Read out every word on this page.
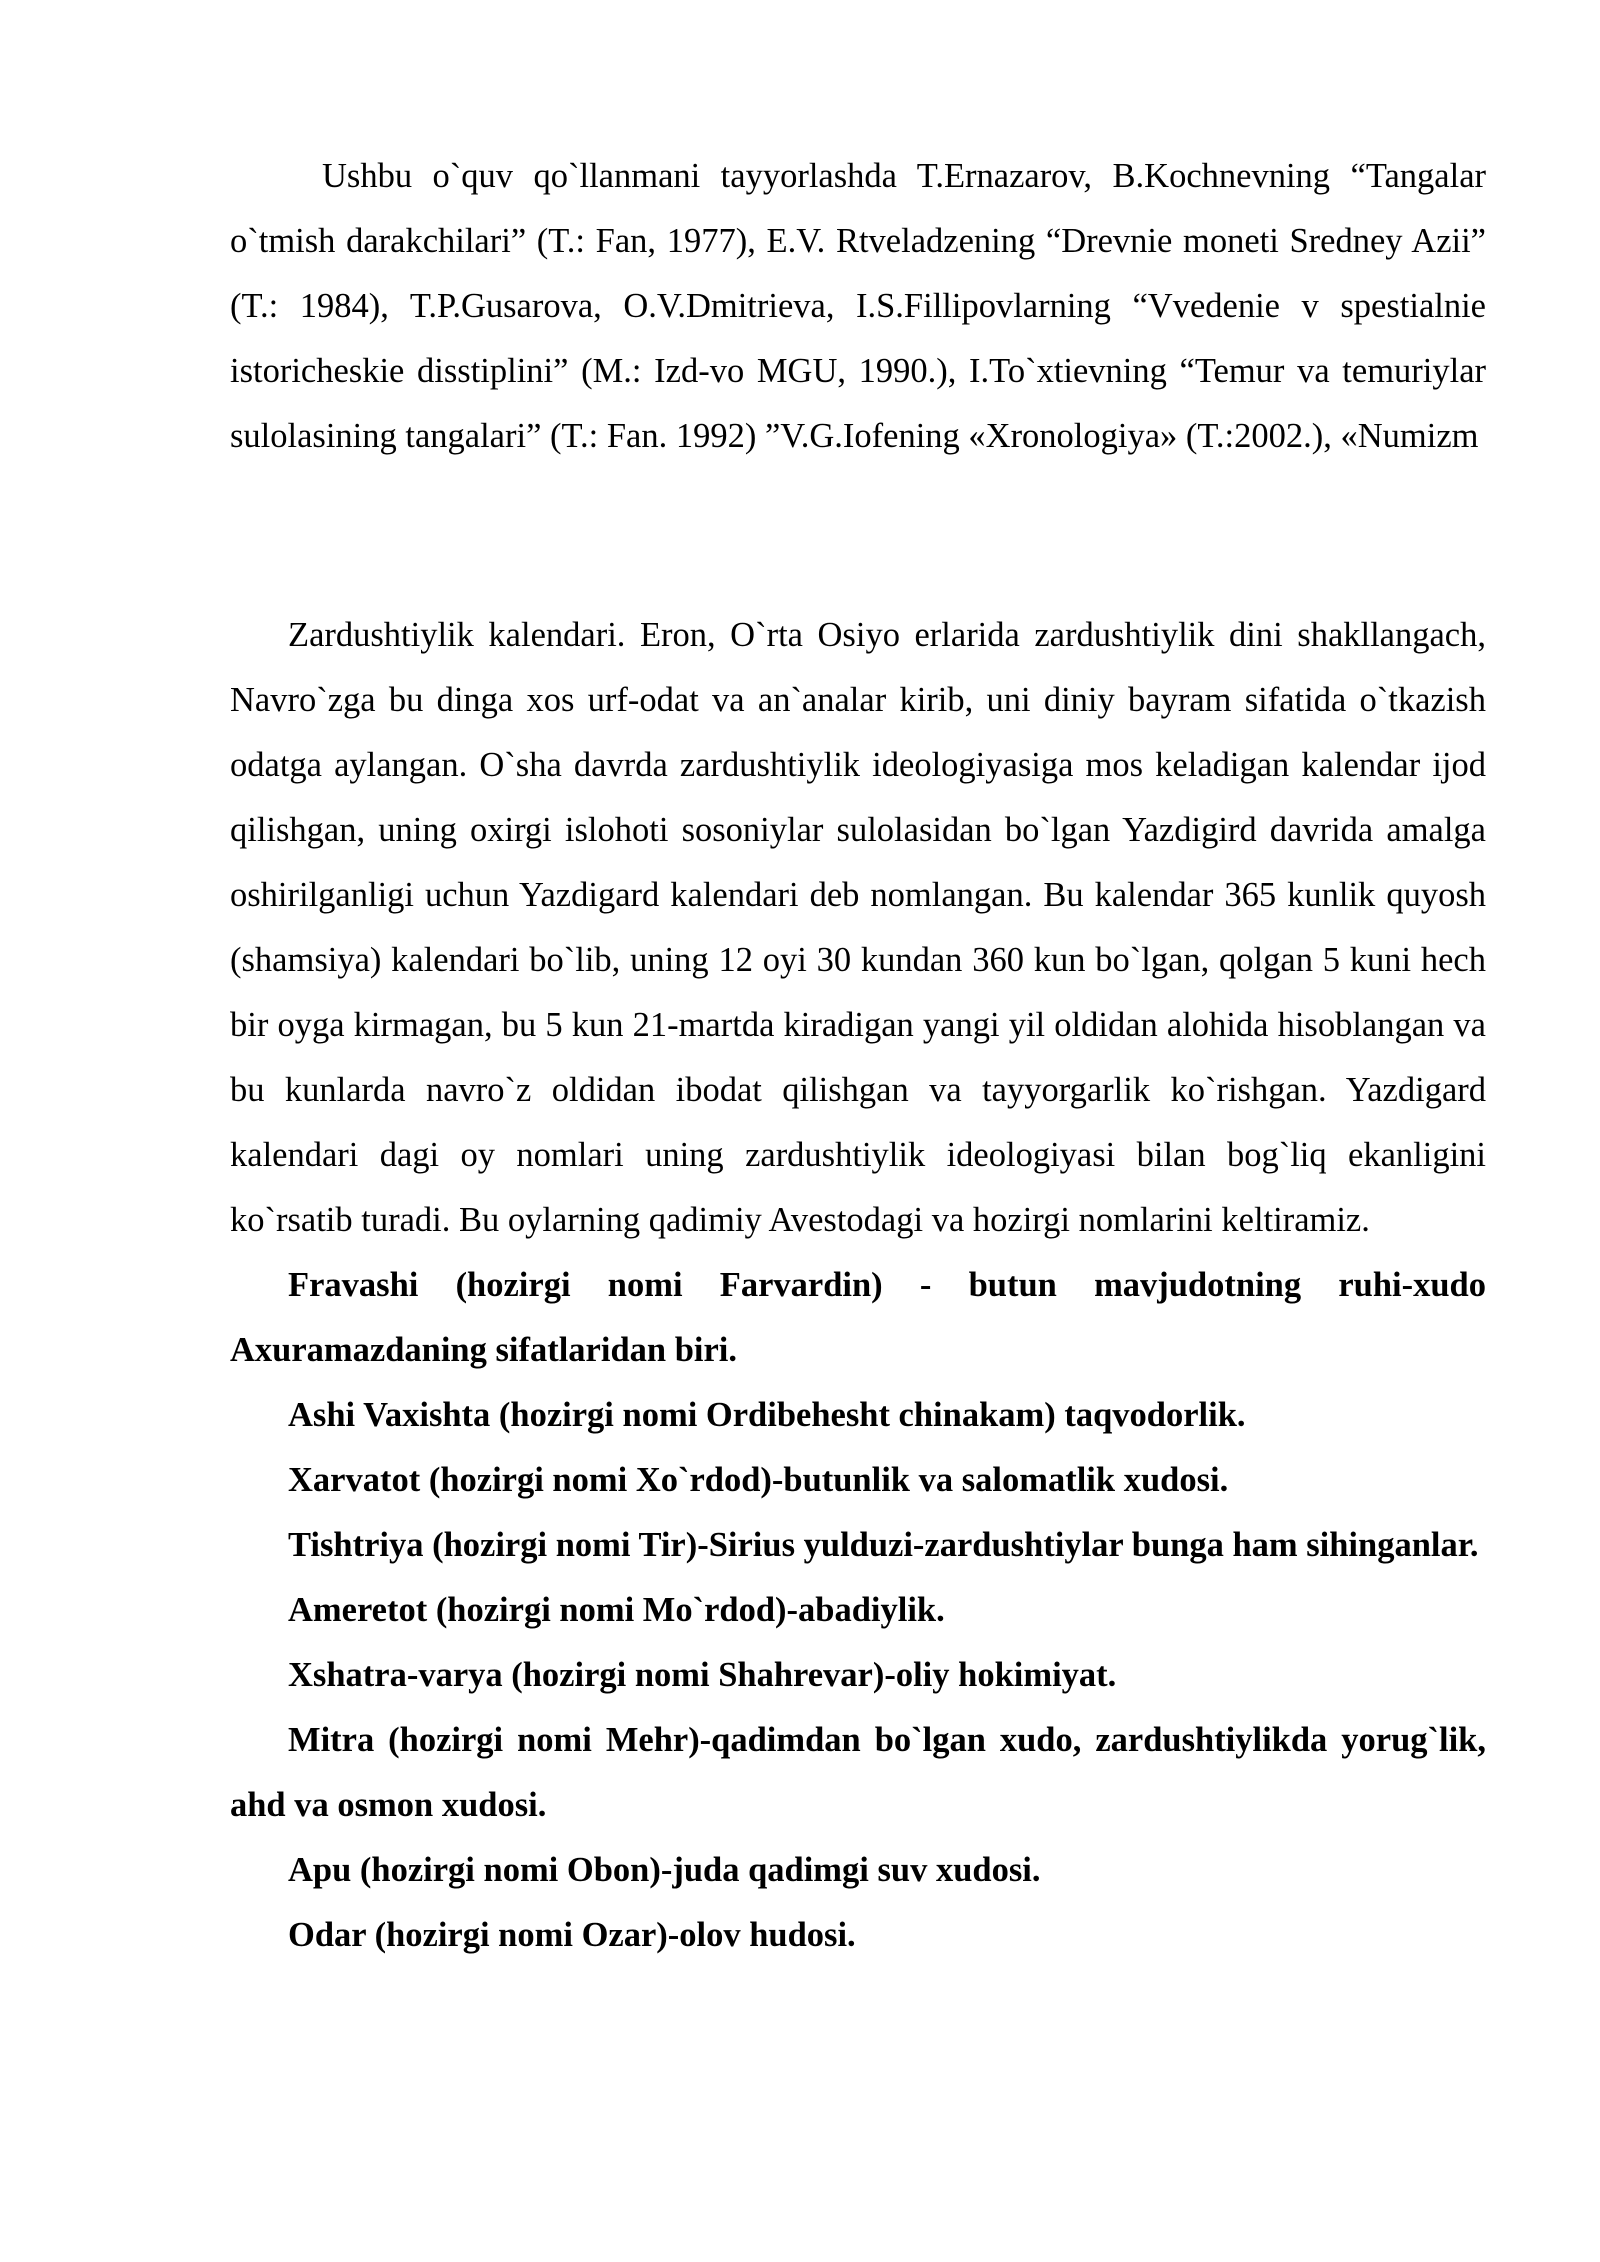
Ushbu o`quv qo`llanmani tayyorlashda T.Ernazarov, B.Kochnevning “Tangalar o`tmish darakchilari” (T.: Fan, 1977), E.V. Rtveladzening “Drevnie moneti Sredney Azii” (T.: 1984), T.P.Gusarova, O.V.Dmitrieva, I.S.Fillipovlarning “Vvedenie v spestialnie istoricheskie disstiplini” (M.: Izd-vo MGU, 1990.), I.To`xtievning “Temur va temuriylar sulolasining tangalari” (T.: Fan. 1992) ”V.G.Iofening «Xronologiya» (T.:2002.), «Numizm

Zardushtiylik kalendari. Eron, O`rta Osiyo erlarida zardushtiylik dini shakllangach, Navro`zga bu dinga xos urf-odat va an`analar kirib, uni diniy bayram sifatida o`tkazish odatga aylangan. O`sha davrda zardushtiylik ideologiyasiga mos keladigan kalendar ijod qilishgan, uning oxirgi islohoti sosoniylar sulolasidan bo`lgan Yazdigird davrida amalga oshirilganligi uchun Yazdigard kalendari deb nomlangan. Bu kalendar 365 kunlik quyosh (shamsiya) kalendari bo`lib, uning 12 oyi 30 kundan 360 kun bo`lgan, qolgan 5 kuni hech bir oyga kirmagan, bu 5 kun 21-martda kiradigan yangi yil oldidan alohida hisoblangan va bu kunlarda navro`z oldidan ibodat qilishgan va tayyorgarlik ko`rishgan. Yazdigard kalendari dagi oy nomlari uning zardushtiylik ideologiyasi bilan bog`liq ekanligini ko`rsatib turadi. Bu oylarning qadimiy Avestodagi va hozirgi nomlarini keltiramiz.

Fravashi (hozirgi nomi Farvardin) - butun mavjudotning ruhi-xudo Axuramazdaning sifatlaridan biri.

Ashi Vaxishta (hozirgi nomi Ordibehesht chinakam) taqvodorlik.

Xarvatot (hozirgi nomi Xo`rdod)-butunlik va salomatlik xudosi.

Tishtriya (hozirgi nomi Tir)-Sirius yulduzi-zardushtiylar bunga ham sihinganlar.

Ameretot (hozirgi nomi Mo`rdod)-abadiylik.

Xshatra-varya (hozirgi nomi Shahrevar)-oliy hokimiyat.

Mitra (hozirgi nomi Mehr)-qadimdan bo`lgan xudo, zardushtiylikda yorug`lik, ahd va osmon xudosi.

Apu (hozirgi nomi Obon)-juda qadimgi suv xudosi.

Odar (hozirgi nomi Ozar)-olov hudosi.
